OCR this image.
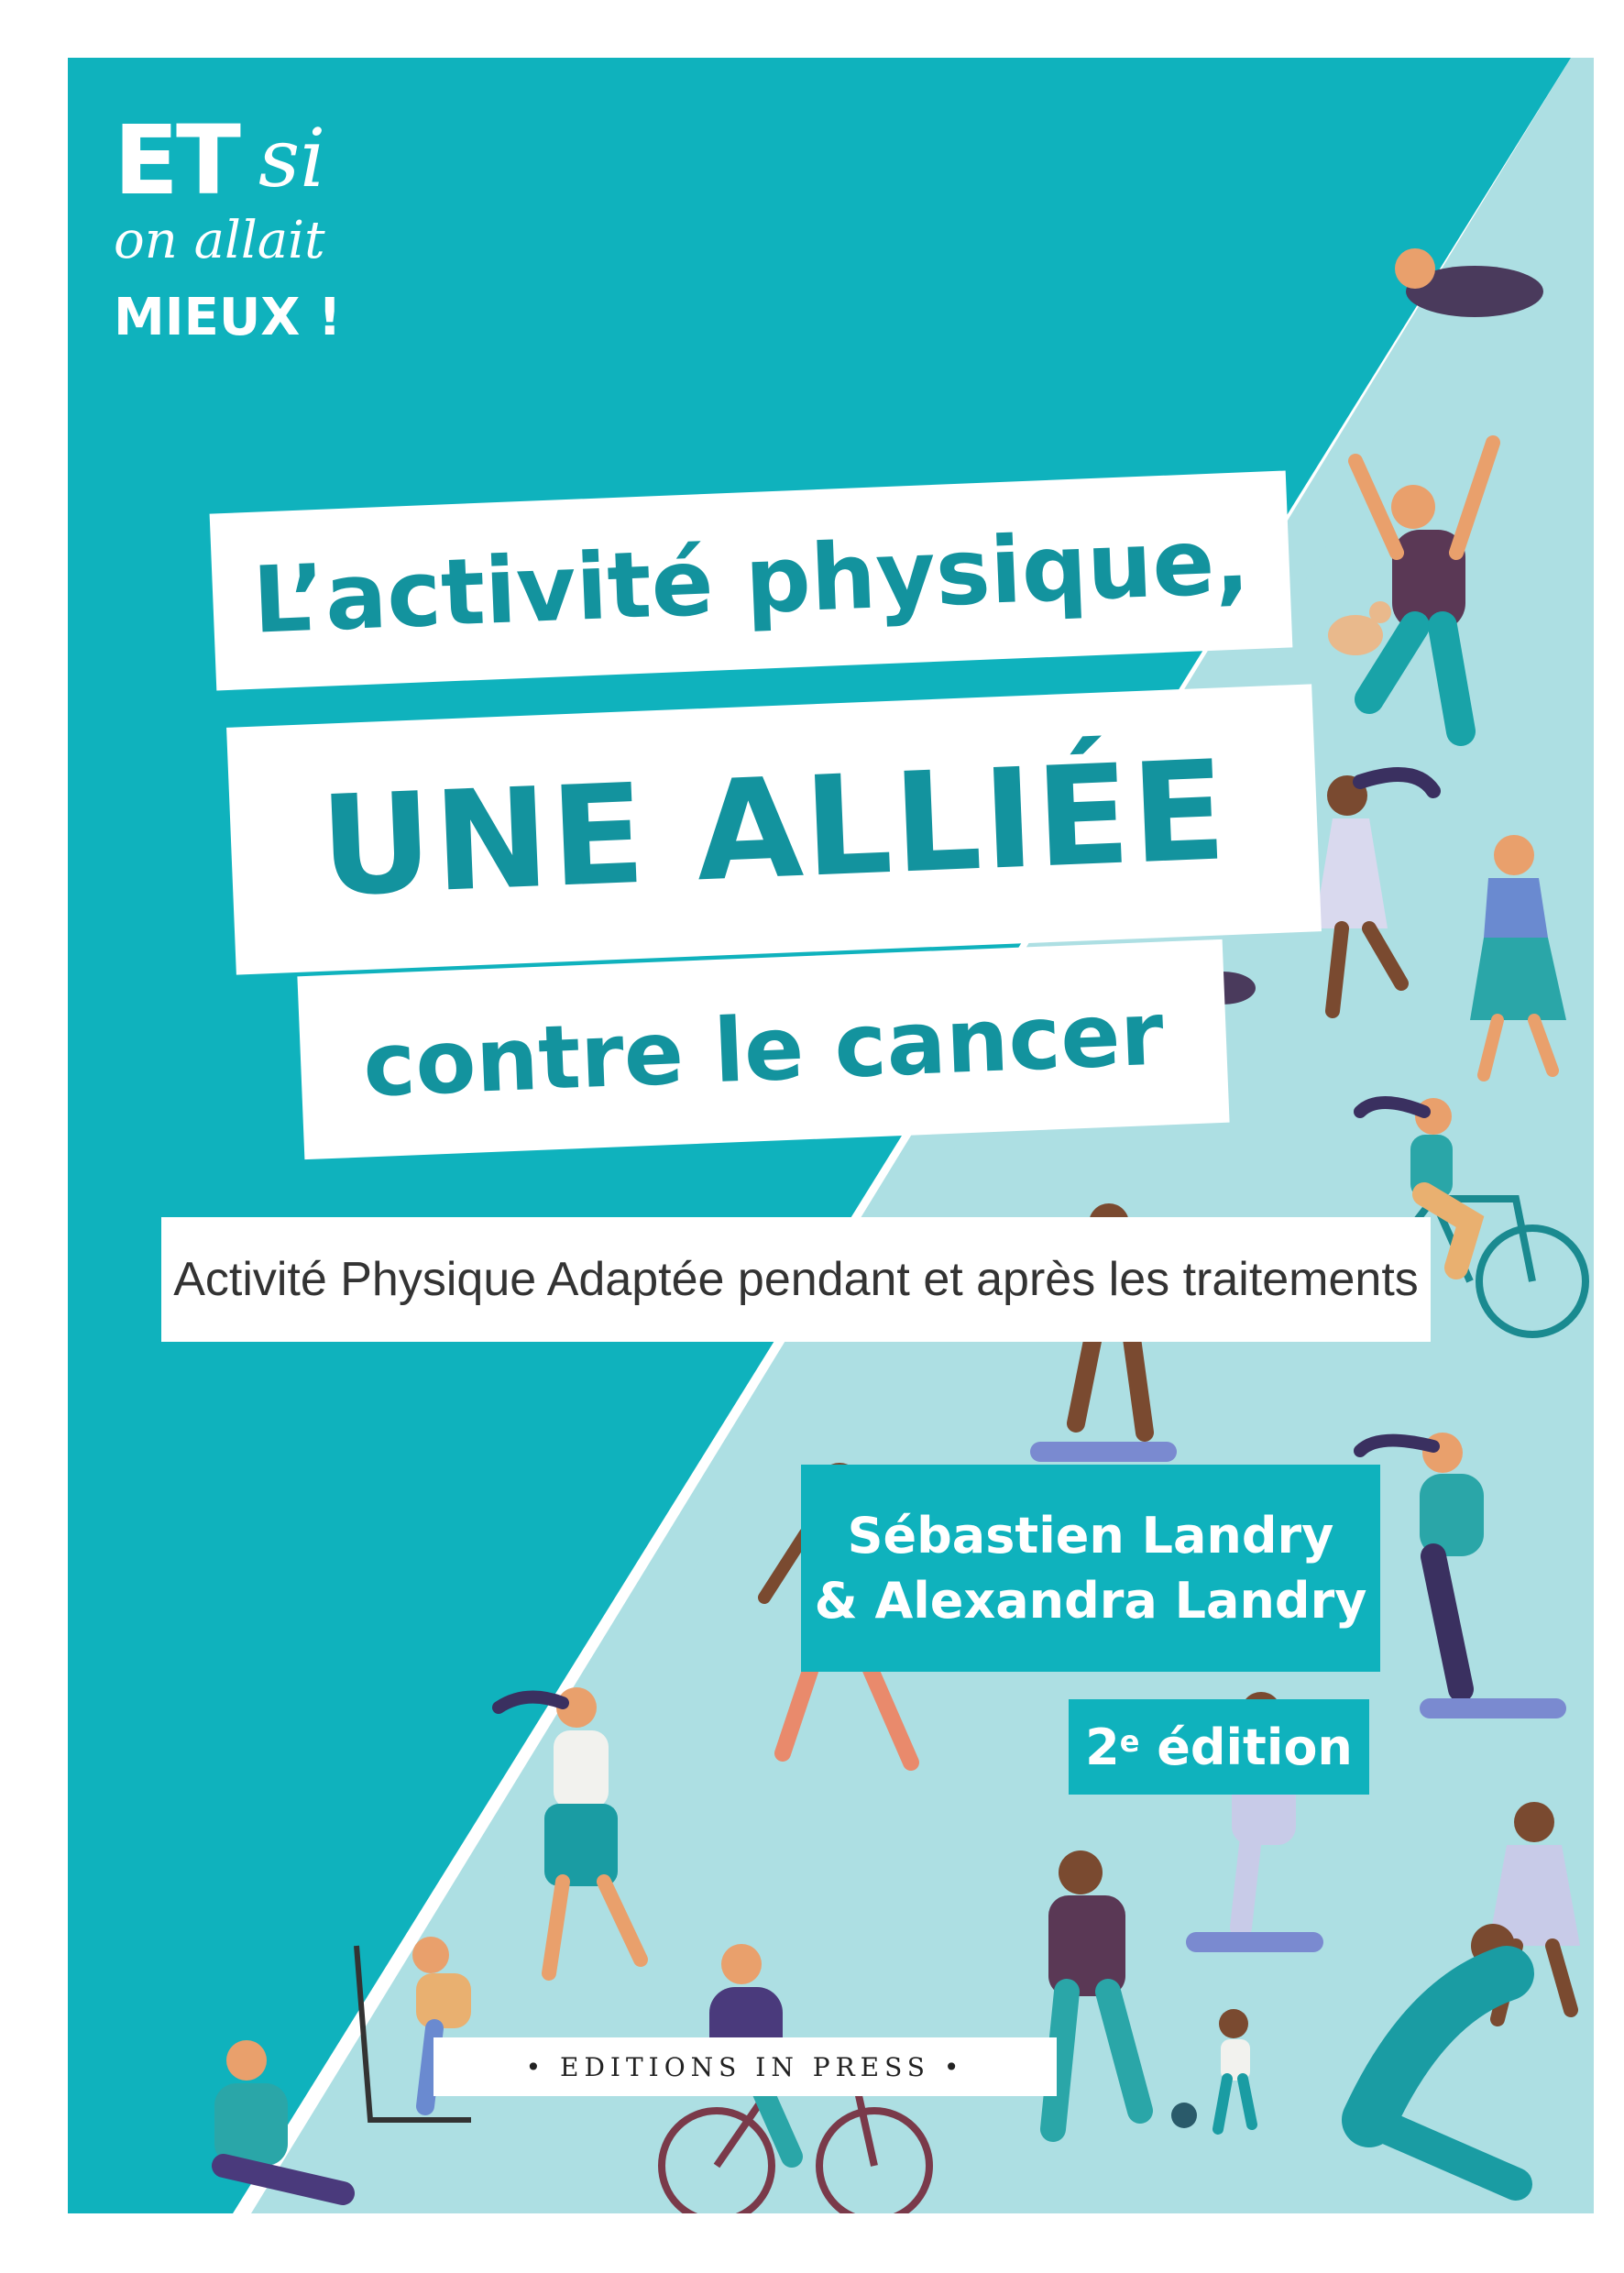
ET si
on allait
MIEUX !
L’activité physique,
UNE ALLIÉE
contre le cancer
Activité Physique Adaptée pendant et après les traitements
Sébastien Landry
& Alexandra Landry
2e
édition
• EDITIONS IN PRESS •
